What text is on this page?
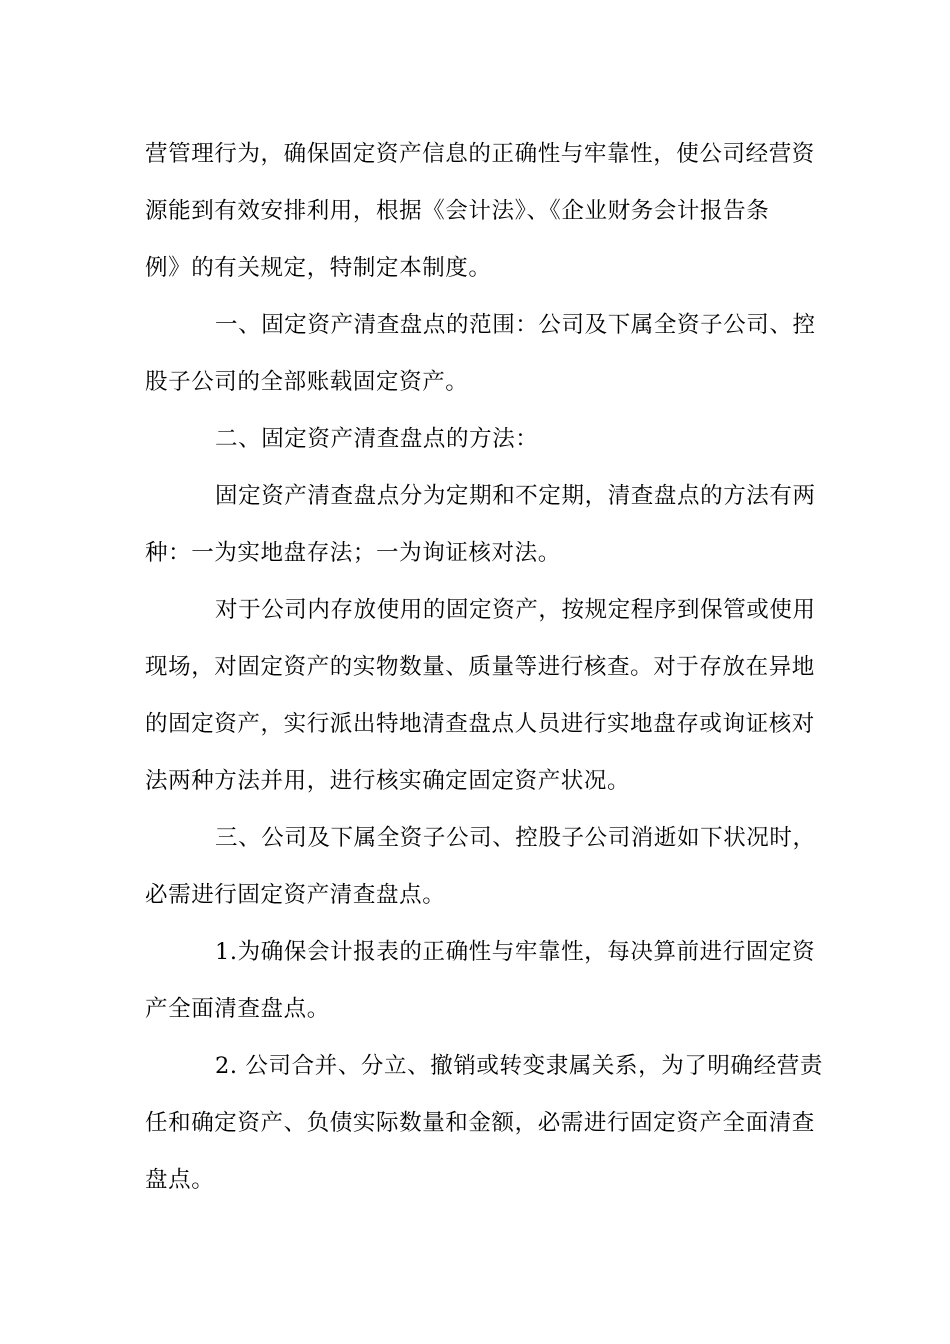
营管理行为，确保固定资产信息的正确性与牢靠性，使公司经营资
源能到有效安排利用，根据《会计法》、《企业财务会计报告条
例》的有关规定，特制定本制度。
一、固定资产清查盘点的范围：公司及下属全资子公司、控
股子公司的全部账载固定资产。
二、固定资产清查盘点的方法：
固定资产清查盘点分为定期和不定期，清查盘点的方法有两
种：一为实地盘存法；一为询证核对法。
对于公司内存放使用的固定资产，按规定程序到保管或使用
现场，对固定资产的实物数量、质量等进行核查。对于存放在异地
的固定资产，实行派出特地清查盘点人员进行实地盘存或询证核对
法两种方法并用，进行核实确定固定资产状况。
三、公司及下属全资子公司、控股子公司消逝如下状况时，
必需进行固定资产清查盘点。
1.为确保会计报表的正确性与牢靠性，每决算前进行固定资
产全面清查盘点。
2. 公司合并、分立、撤销或转变隶属关系，为了明确经营责
任和确定资产、负债实际数量和金额，必需进行固定资产全面清查
盘点。
